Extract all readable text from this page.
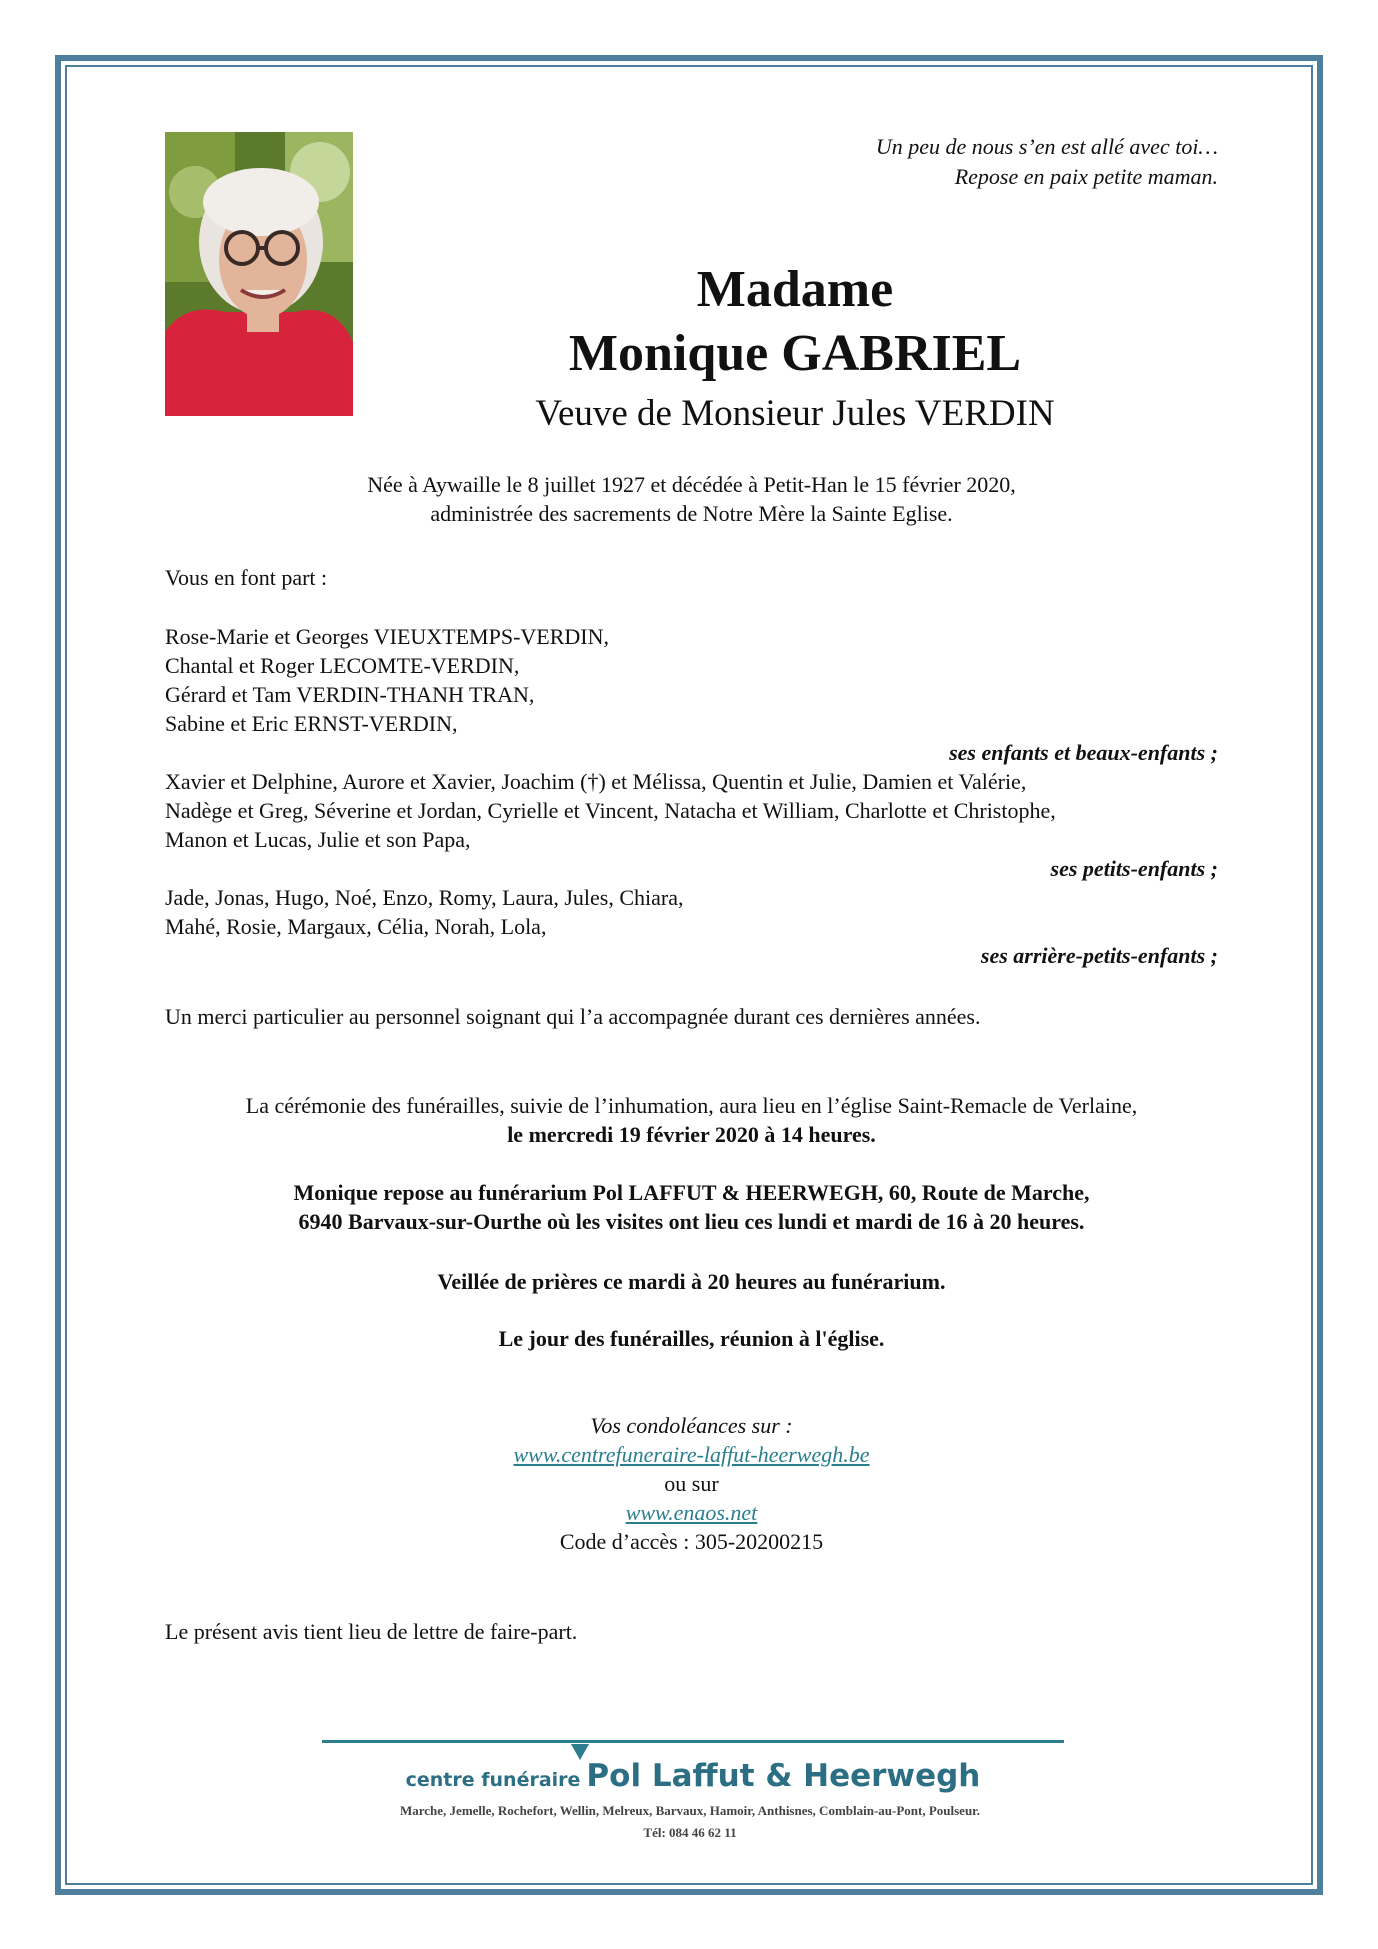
Un peu de nous s’en est allé avec toi…
Repose en paix petite maman.
Madame
Monique GABRIEL
Veuve de Monsieur Jules VERDIN
Née à Aywaille le 8 juillet 1927 et décédée à Petit-Han le 15 février 2020,
administrée des sacrements de Notre Mère la Sainte Eglise.
Vous en font part :
Rose-Marie et Georges VIEUXTEMPS-VERDIN,
Chantal et Roger LECOMTE-VERDIN,
Gérard et Tam VERDIN-THANH TRAN,
Sabine et Eric ERNST-VERDIN,
ses enfants et beaux-enfants ;
Xavier et Delphine, Aurore et Xavier, Joachim (†) et Mélissa, Quentin et Julie, Damien et Valérie,
Nadège et Greg, Séverine et Jordan, Cyrielle et Vincent, Natacha et William, Charlotte et Christophe,
Manon et Lucas, Julie et son Papa,
ses petits-enfants ;
Jade, Jonas, Hugo, Noé, Enzo, Romy, Laura, Jules, Chiara,
Mahé, Rosie, Margaux, Célia, Norah, Lola,
ses arrière-petits-enfants ;
Un merci particulier au personnel soignant qui l’a accompagnée durant ces dernières années.
La cérémonie des funérailles, suivie de l’inhumation, aura lieu en l’église Saint-Remacle de Verlaine,
le mercredi 19 février 2020 à 14 heures.
Monique repose au funérarium Pol LAFFUT & HEERWEGH, 60, Route de Marche,
6940 Barvaux-sur-Ourthe où les visites ont lieu ces lundi et mardi de 16 à 20 heures.
Veillée de prières ce mardi à 20 heures au funérarium.
Le jour des funérailles, réunion à l'église.
Vos condoléances sur :
www.centrefuneraire-laffut-heerwegh.be
ou sur
www.enaos.net
Code d’accès : 305-20200215
Le présent avis tient lieu de lettre de faire-part.
centre funéraire Pol Laffut & Heerwegh
Marche, Jemelle, Rochefort, Wellin, Melreux, Barvaux, Hamoir, Anthisnes, Comblain-au-Pont, Poulseur.
Tél: 084 46 62 11
